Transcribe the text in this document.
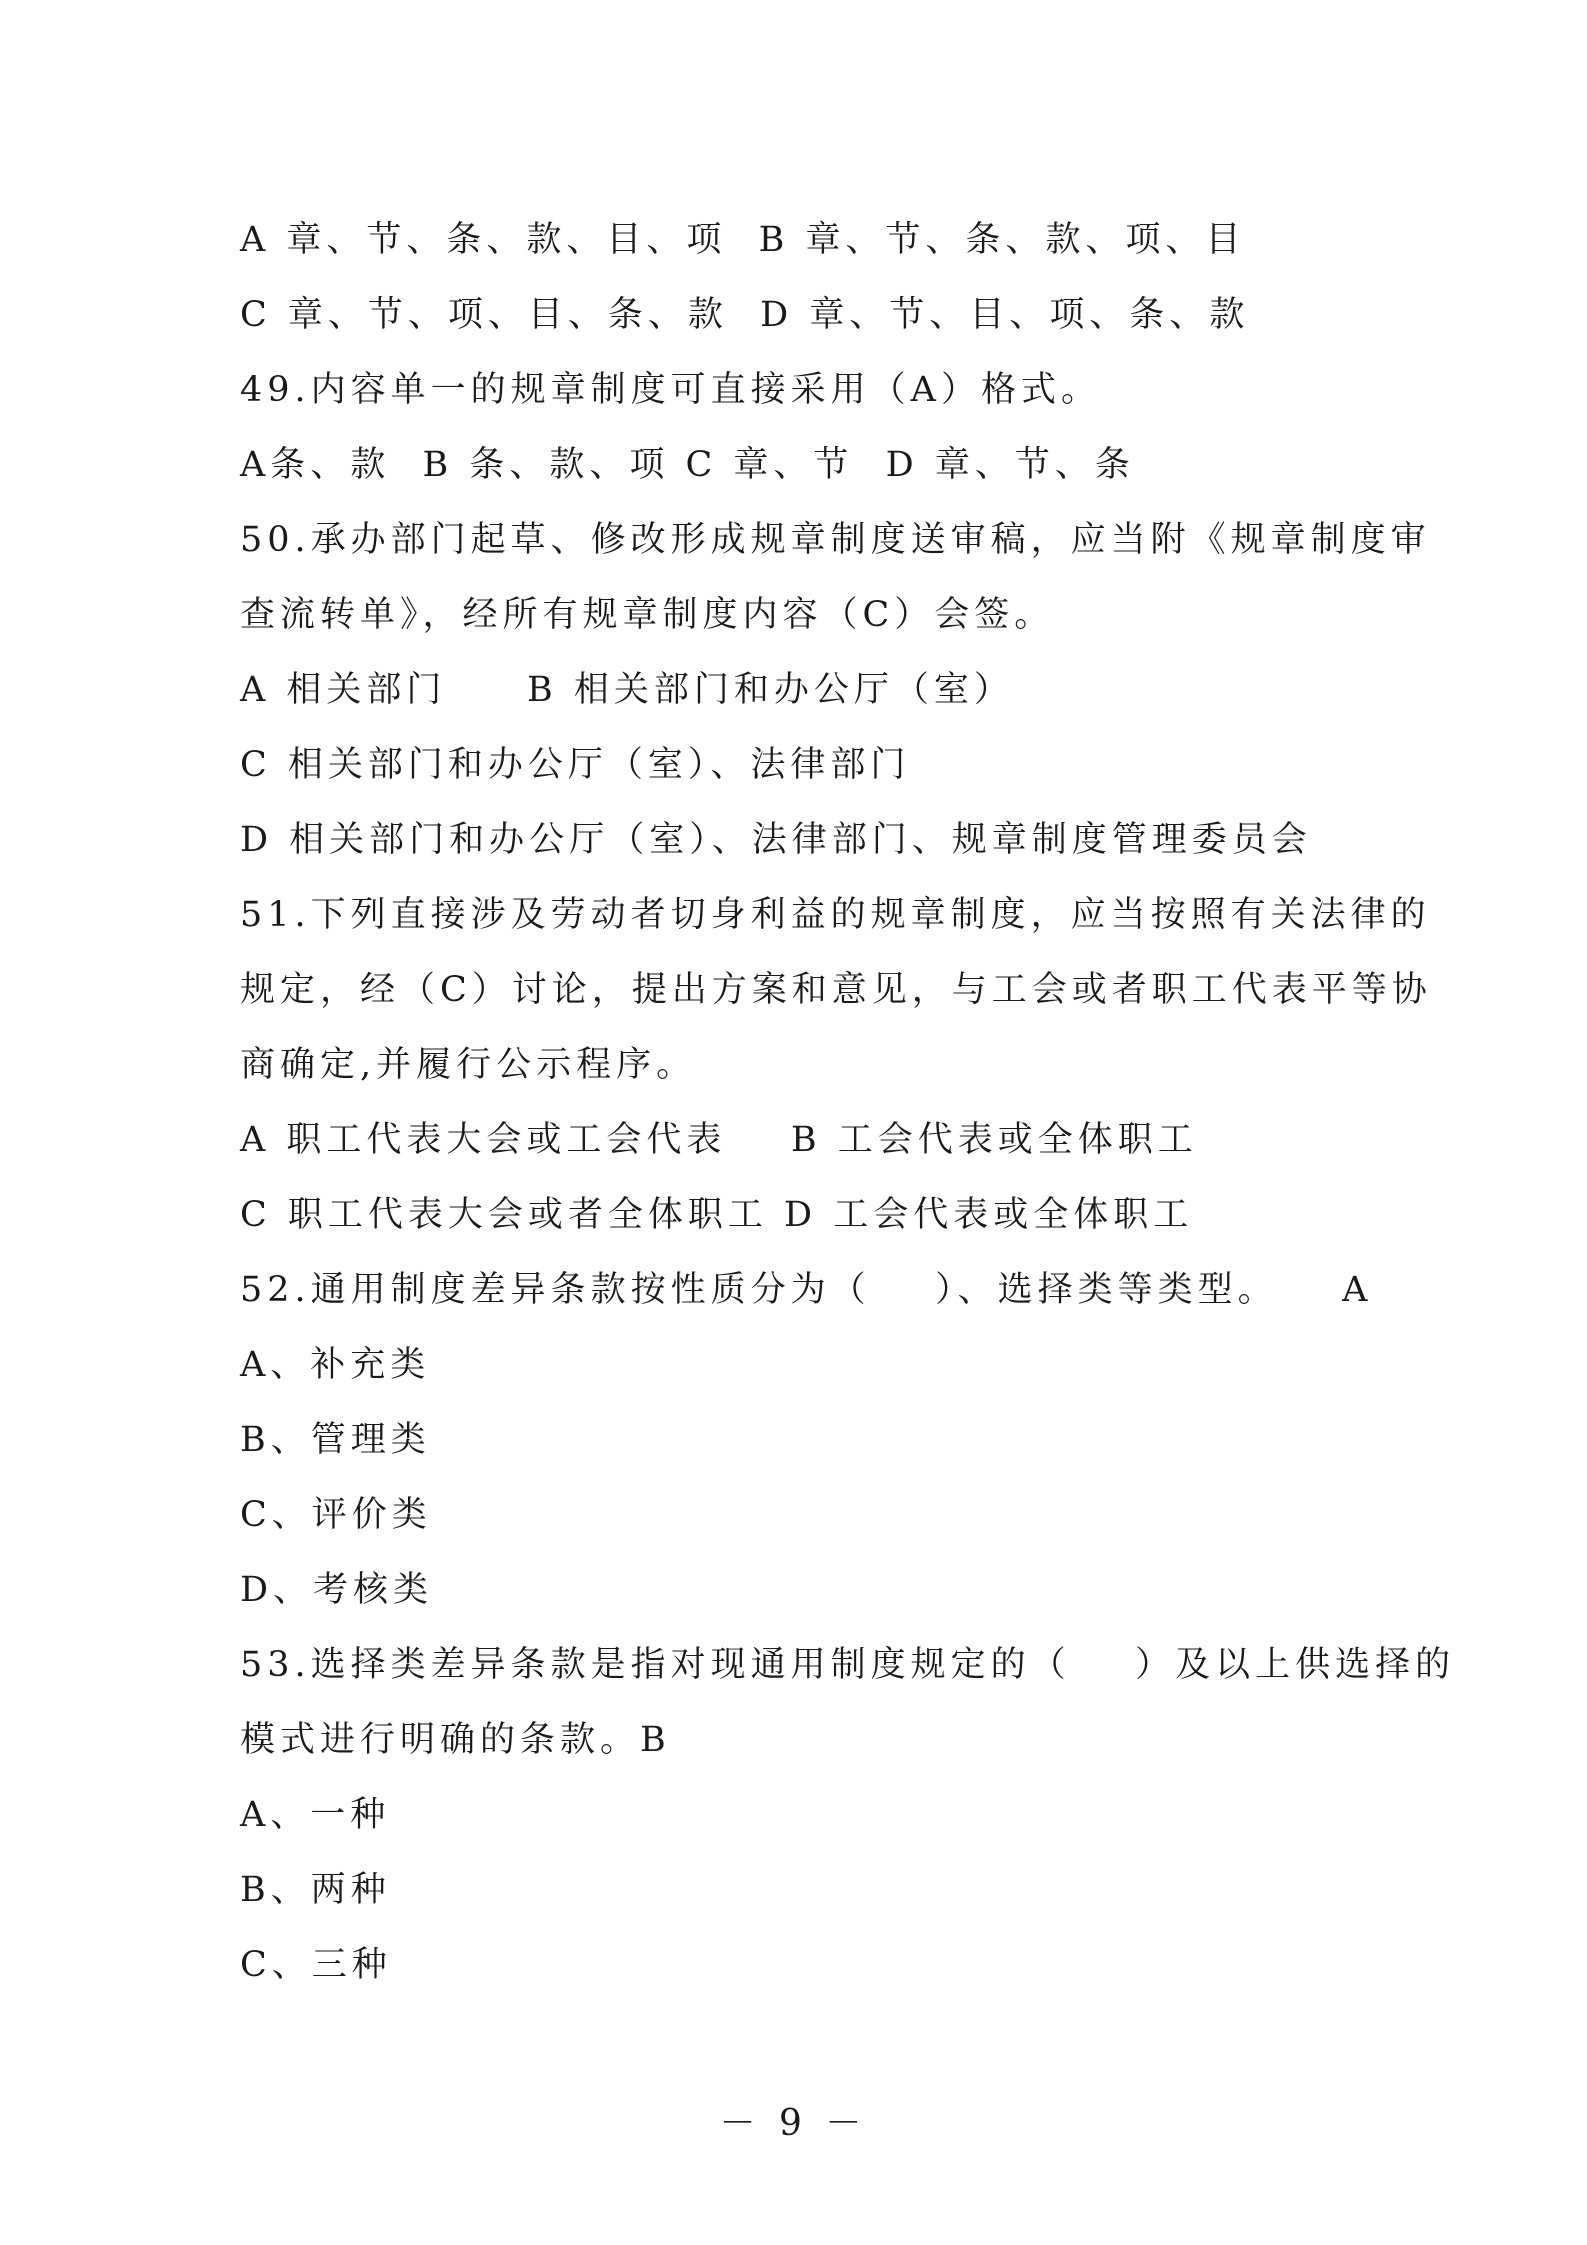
A 章、节、条、款、目、项  B 章、节、条、款、项、目
C 章、节、项、目、条、款  D 章、节、目、项、条、款
49.内容单一的规章制度可直接采用（A）格式。
A条、款  B 条、款、项 C 章、节  D 章、节、条
50.承办部门起草、修改形成规章制度送审稿，应当附《规章制度审
查流转单》，经所有规章制度内容（C）会签。
A 相关部门     B 相关部门和办公厅（室）
C 相关部门和办公厅（室）、法律部门
D 相关部门和办公厅（室）、法律部门、规章制度管理委员会
51.下列直接涉及劳动者切身利益的规章制度，应当按照有关法律的
规定，经（C）讨论，提出方案和意见，与工会或者职工代表平等协
商确定,并履行公示程序。
A 职工代表大会或工会代表    B 工会代表或全体职工
C 职工代表大会或者全体职工 D 工会代表或全体职工
52.通用制度差异条款按性质分为（    ）、选择类等类型。    A
A、补充类
B、管理类
C、评价类
D、考核类
53.选择类差异条款是指对现通用制度规定的（    ）及以上供选择的
模式进行明确的条款。B
A、一种
B、两种
C、三种
－ 9 －
